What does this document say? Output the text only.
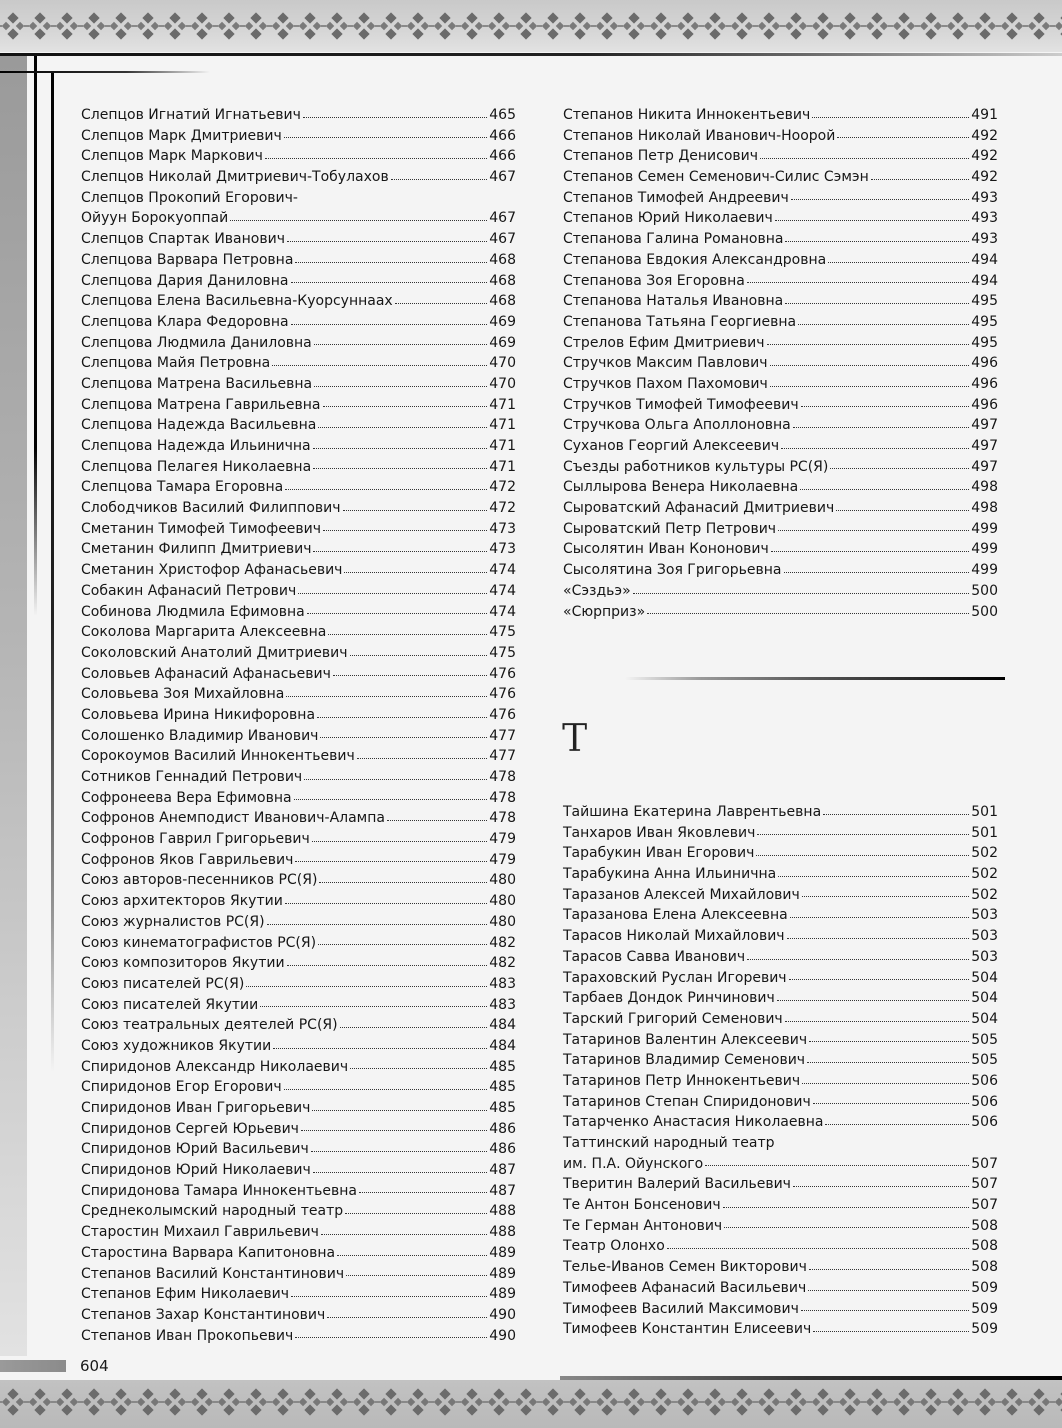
Слепцов Игнатий Игнатьевич	465
Слепцов Марк Дмитриевич	466
Слепцов Марк Маркович	466
Слепцов Николай Дмитриевич-Тобулахов	467
Слепцов Прокопий Егорович-
Ойуун Борокуоппай	467
Слепцов Спартак Иванович	467
Слепцова Варвара Петровна	468
Слепцова Дария Даниловна	468
Слепцова Елена Васильевна-Куорсуннаах	468
Слепцова Клара Федоровна	469
Слепцова Людмила Даниловна	469
Слепцова Майя Петровна	470
Слепцова Матрена Васильевна	470
Слепцова Матрена Гаврильевна	471
Слепцова Надежда Васильевна	471
Слепцова Надежда Ильинична	471
Слепцова Пелагея Николаевна	471
Слепцова Тамара Егоровна	472
Слободчиков Василий Филиппович	472
Сметанин Тимофей Тимофеевич	473
Сметанин Филипп Дмитриевич	473
Сметанин Христофор Афанасьевич	474
Собакин Афанасий Петрович	474
Собинова Людмила Ефимовна	474
Соколова Маргарита Алексеевна	475
Соколовский Анатолий Дмитриевич	475
Соловьев Афанасий Афанасьевич	476
Соловьева Зоя Михайловна	476
Соловьева Ирина Никифоровна	476
Солошенко Владимир Иванович	477
Сорокоумов Василий Иннокентьевич	477
Сотников Геннадий Петрович	478
Софронеева Вера Ефимовна	478
Софронов Анемподист Иванович-Алампа	478
Софронов Гаврил Григорьевич	479
Софронов Яков Гаврильевич	479
Союз авторов-песенников РС(Я)	480
Союз архитекторов Якутии	480
Союз журналистов РС(Я)	480
Союз кинематографистов РС(Я)	482
Союз композиторов Якутии	482
Союз писателей РС(Я)	483
Союз писателей Якутии	483
Союз театральных деятелей РС(Я)	484
Союз художников Якутии	484
Спиридонов Александр Николаевич	485
Спиридонов Егор Егорович	485
Спиридонов Иван Григорьевич	485
Спиридонов Сергей Юрьевич	486
Спиридонов Юрий Васильевич	486
Спиридонов Юрий Николаевич	487
Спиридонова Тамара Иннокентьевна	487
Среднеколымский народный театр	488
Старостин Михаил Гаврильевич	488
Старостина Варвара Капитоновна	489
Степанов Василий Константинович	489
Степанов Ефим Николаевич	489
Степанов Захар Константинович	490
Степанов Иван Прокопьевич	490
Степанов Никита Иннокентьевич	491
Степанов Николай Иванович-Ноорой	492
Степанов Петр Денисович	492
Степанов Семен Семенович-Силис Сэмэн	492
Степанов Тимофей Андреевич	493
Степанов Юрий Николаевич	493
Степанова Галина Романовна	493
Степанова Евдокия Александровна	494
Степанова Зоя Егоровна	494
Степанова Наталья Ивановна	495
Степанова Татьяна Георгиевна	495
Стрелов Ефим Дмитриевич	495
Стручков Максим Павлович	496
Стручков Пахом Пахомович	496
Стручков Тимофей Тимофеевич	496
Стручкова Ольга Аполлоновна	497
Суханов Георгий Алексеевич	497
Съезды работников культуры РС(Я)	497
Сыллырова Венера Николаевна	498
Сыроватский Афанасий Дмитриевич	498
Сыроватский Петр Петрович	499
Сысолятин Иван Кононович	499
Сысолятина Зоя Григорьевна	499
«Сэздьэ»	500
«Сюрприз»	500
Т
Тайшина Екатерина Лаврентьевна	501
Танхаров Иван Яковлевич	501
Тарабукин Иван Егорович	502
Тарабукина Анна Ильинична	502
Таразанов Алексей Михайлович	502
Таразанова Елена Алексеевна	503
Тарасов Николай Михайлович	503
Тарасов Савва Иванович	503
Тараховский Руслан Игоревич	504
Тарбаев Дондок Ринчинович	504
Тарский Григорий Семенович	504
Татаринов Валентин Алексеевич	505
Татаринов Владимир Семенович	505
Татаринов Петр Иннокентьевич	506
Татаринов Степан Спиридонович	506
Татарченко Анастасия Николаевна	506
Таттинский народный театр
им. П.А. Ойунского	507
Тверитин Валерий Васильевич	507
Те Антон Бонсенович	507
Те Герман Антонович	508
Театр Олонхо	508
Телье-Иванов Семен Викторович	508
Тимофеев Афанасий Васильевич	509
Тимофеев Василий Максимович	509
Тимофеев Константин Елисеевич	509
604
